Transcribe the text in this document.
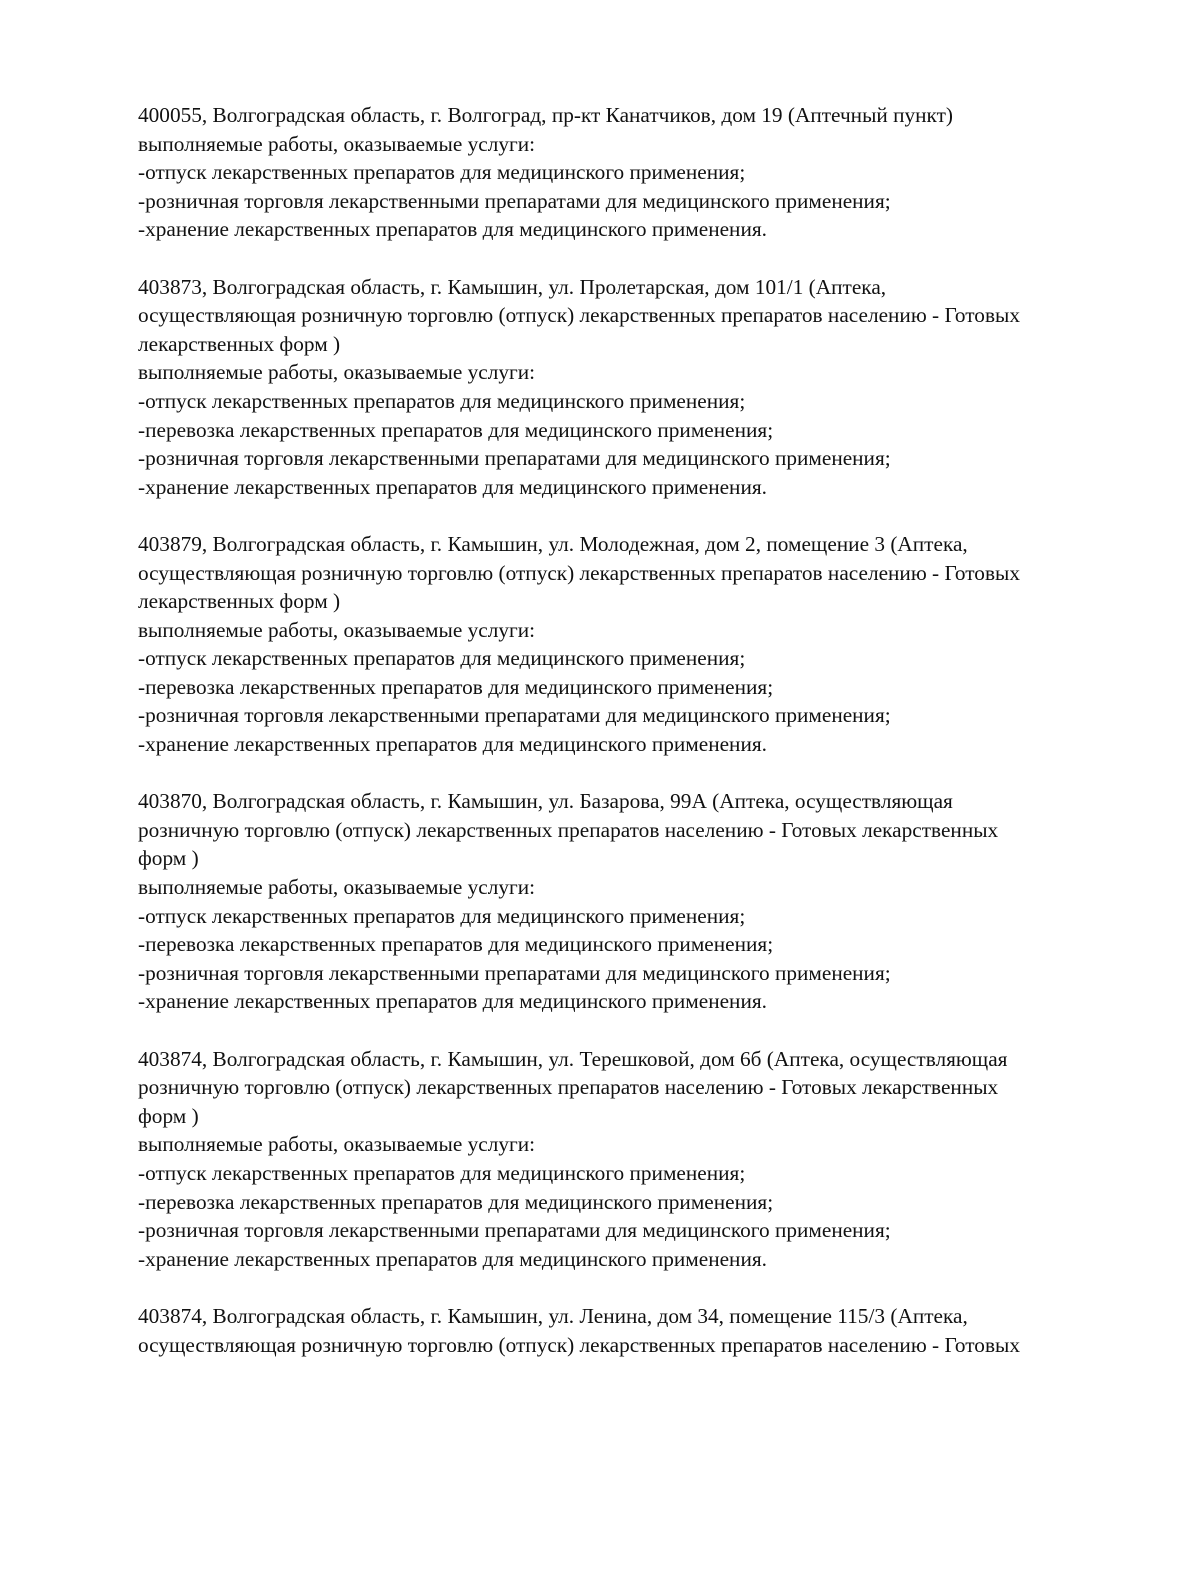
400055, Волгоградская область, г. Волгоград, пр-кт Канатчиков, дом 19 (Аптечный пункт)
выполняемые работы, оказываемые услуги:
-отпуск лекарственных препаратов для медицинского применения;
-розничная торговля лекарственными препаратами для медицинского применения;
-хранение лекарственных препаратов для медицинского применения.
403873, Волгоградская область, г. Камышин, ул. Пролетарская, дом 101/1 (Аптека,
осуществляющая розничную торговлю (отпуск) лекарственных препаратов населению - Готовых
лекарственных форм )
выполняемые работы, оказываемые услуги:
-отпуск лекарственных препаратов для медицинского применения;
-перевозка лекарственных препаратов для медицинского применения;
-розничная торговля лекарственными препаратами для медицинского применения;
-хранение лекарственных препаратов для медицинского применения.
403879, Волгоградская область, г. Камышин, ул. Молодежная, дом 2, помещение 3 (Аптека,
осуществляющая розничную торговлю (отпуск) лекарственных препаратов населению - Готовых
лекарственных форм )
выполняемые работы, оказываемые услуги:
-отпуск лекарственных препаратов для медицинского применения;
-перевозка лекарственных препаратов для медицинского применения;
-розничная торговля лекарственными препаратами для медицинского применения;
-хранение лекарственных препаратов для медицинского применения.
403870, Волгоградская область, г. Камышин, ул. Базарова, 99А (Аптека, осуществляющая
розничную торговлю (отпуск) лекарственных препаратов населению - Готовых лекарственных
форм )
выполняемые работы, оказываемые услуги:
-отпуск лекарственных препаратов для медицинского применения;
-перевозка лекарственных препаратов для медицинского применения;
-розничная торговля лекарственными препаратами для медицинского применения;
-хранение лекарственных препаратов для медицинского применения.
403874, Волгоградская область, г. Камышин, ул. Терешковой, дом 6б (Аптека, осуществляющая
розничную торговлю (отпуск) лекарственных препаратов населению - Готовых лекарственных
форм )
выполняемые работы, оказываемые услуги:
-отпуск лекарственных препаратов для медицинского применения;
-перевозка лекарственных препаратов для медицинского применения;
-розничная торговля лекарственными препаратами для медицинского применения;
-хранение лекарственных препаратов для медицинского применения.
403874, Волгоградская область, г. Камышин, ул. Ленина, дом 34, помещение 115/3 (Аптека,
осуществляющая розничную торговлю (отпуск) лекарственных препаратов населению - Готовых
